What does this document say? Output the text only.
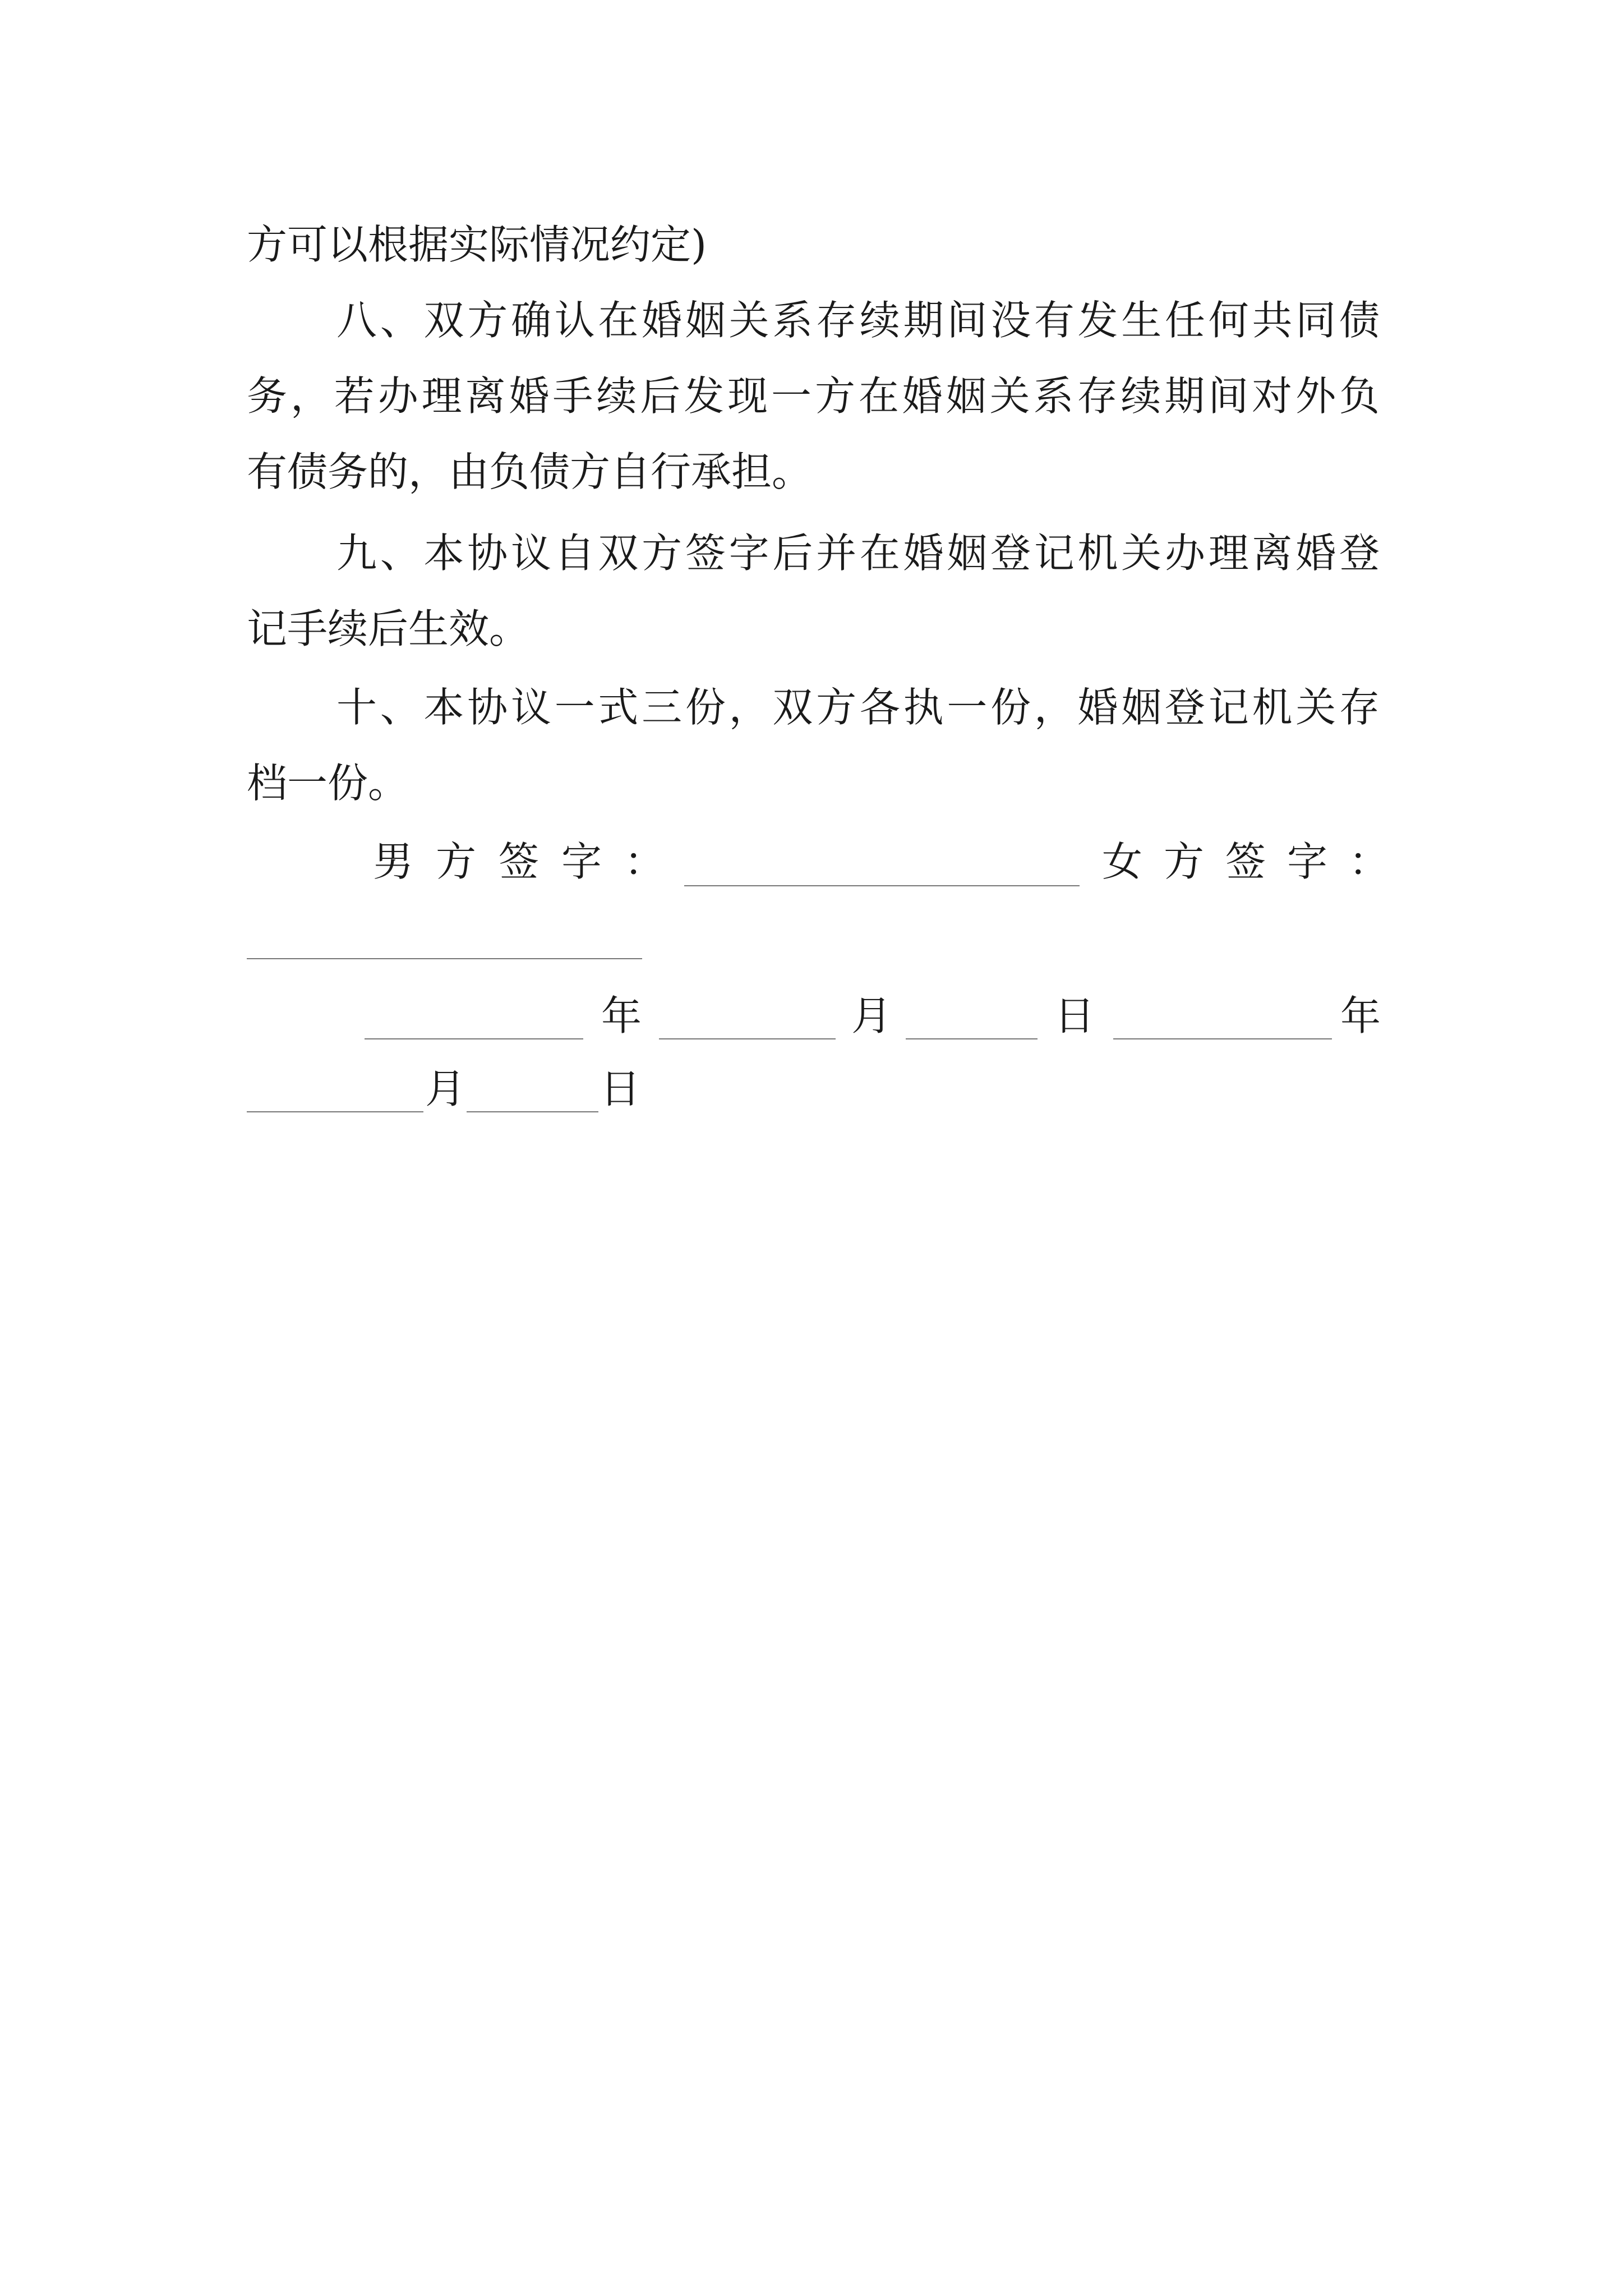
方可以根据实际情况约定)
八、双方确认在婚姻关系存续期间没有发生任何共同债
务，若办理离婚手续后发现一方在婚姻关系存续期间对外负
有债务的，由负债方自行承担。
九、本协议自双方签字后并在婚姻登记机关办理离婚登
记手续后生效。
十、本协议一式三份，双方各执一份，婚姻登记机关存
档一份。
男方签字：	女方签字：
年	月	日	年
月	日
